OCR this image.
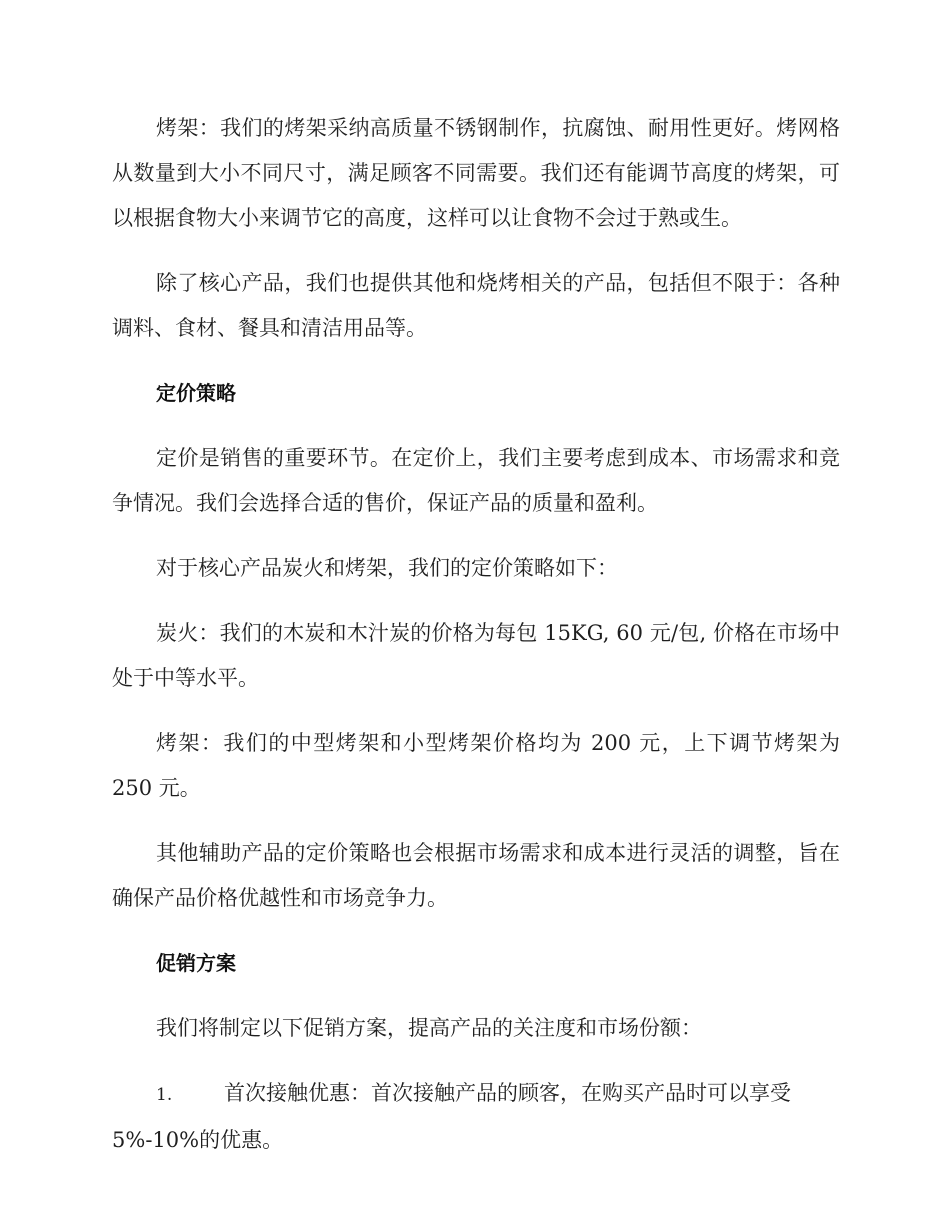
烤架：我们的烤架采纳高质量不锈钢制作，抗腐蚀、耐用性更好。烤网格从数量到大小不同尺寸，满足顾客不同需要。我们还有能调节高度的烤架，可以根据食物大小来调节它的高度，这样可以让食物不会过于熟或生。

除了核心产品，我们也提供其他和烧烤相关的产品，包括但不限于：各种调料、食材、餐具和清洁用品等。

定价策略

定价是销售的重要环节。在定价上，我们主要考虑到成本、市场需求和竞争情况。我们会选择合适的售价，保证产品的质量和盈利。

对于核心产品炭火和烤架，我们的定价策略如下：

炭火：我们的木炭和木汁炭的价格为每包 15KG, 60 元/包, 价格在市场中处于中等水平。

烤架：我们的中型烤架和小型烤架价格均为 200 元，上下调节烤架为 250 元。

其他辅助产品的定价策略也会根据市场需求和成本进行灵活的调整，旨在确保产品价格优越性和市场竞争力。

促销方案

我们将制定以下促销方案，提高产品的关注度和市场份额：

1. 首次接触优惠：首次接触产品的顾客，在购买产品时可以享受 5%-10%的优惠。
